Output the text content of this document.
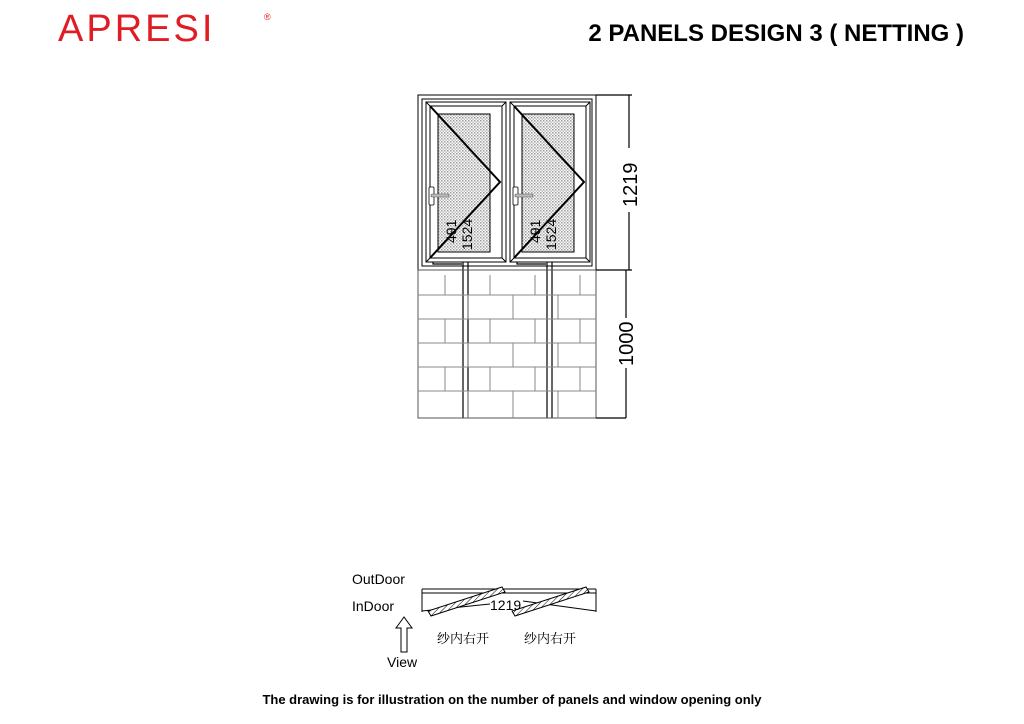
APRESI	®
2 PANELS DESIGN 3 ( NETTING )
491 1524	491 1524
1219
1000
OutDoor
InDoor
View
1219
纱内右开	纱内右开
The drawing is for illustration on the number of panels and window opening only
